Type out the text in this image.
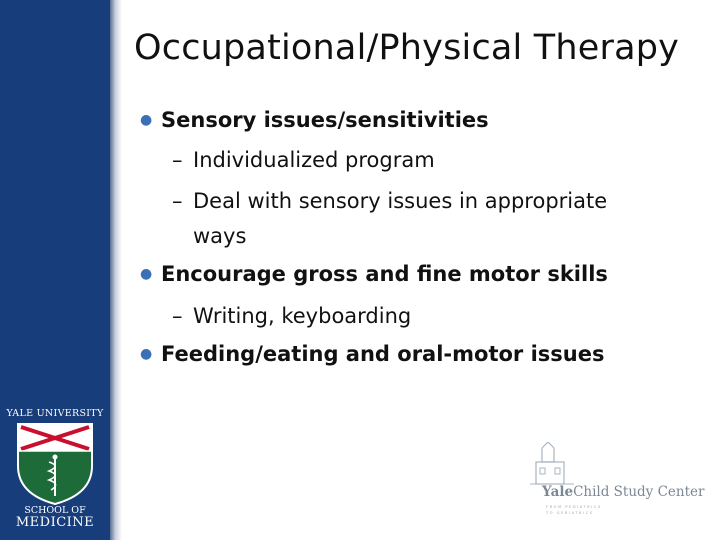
Occupational/Physical Therapy
● Sensory issues/sensitivities
– Individualized program
– Deal with sensory issues in appropriate
ways
● Encourage gross and fine motor skills
– Writing, keyboarding
● Feeding/eating and oral-motor issues
YALE UNIVERSITY
SCHOOL OF
MEDICINE
YaleChild Study Center
FROM PEDIATRICS
TO GERIATRICS
